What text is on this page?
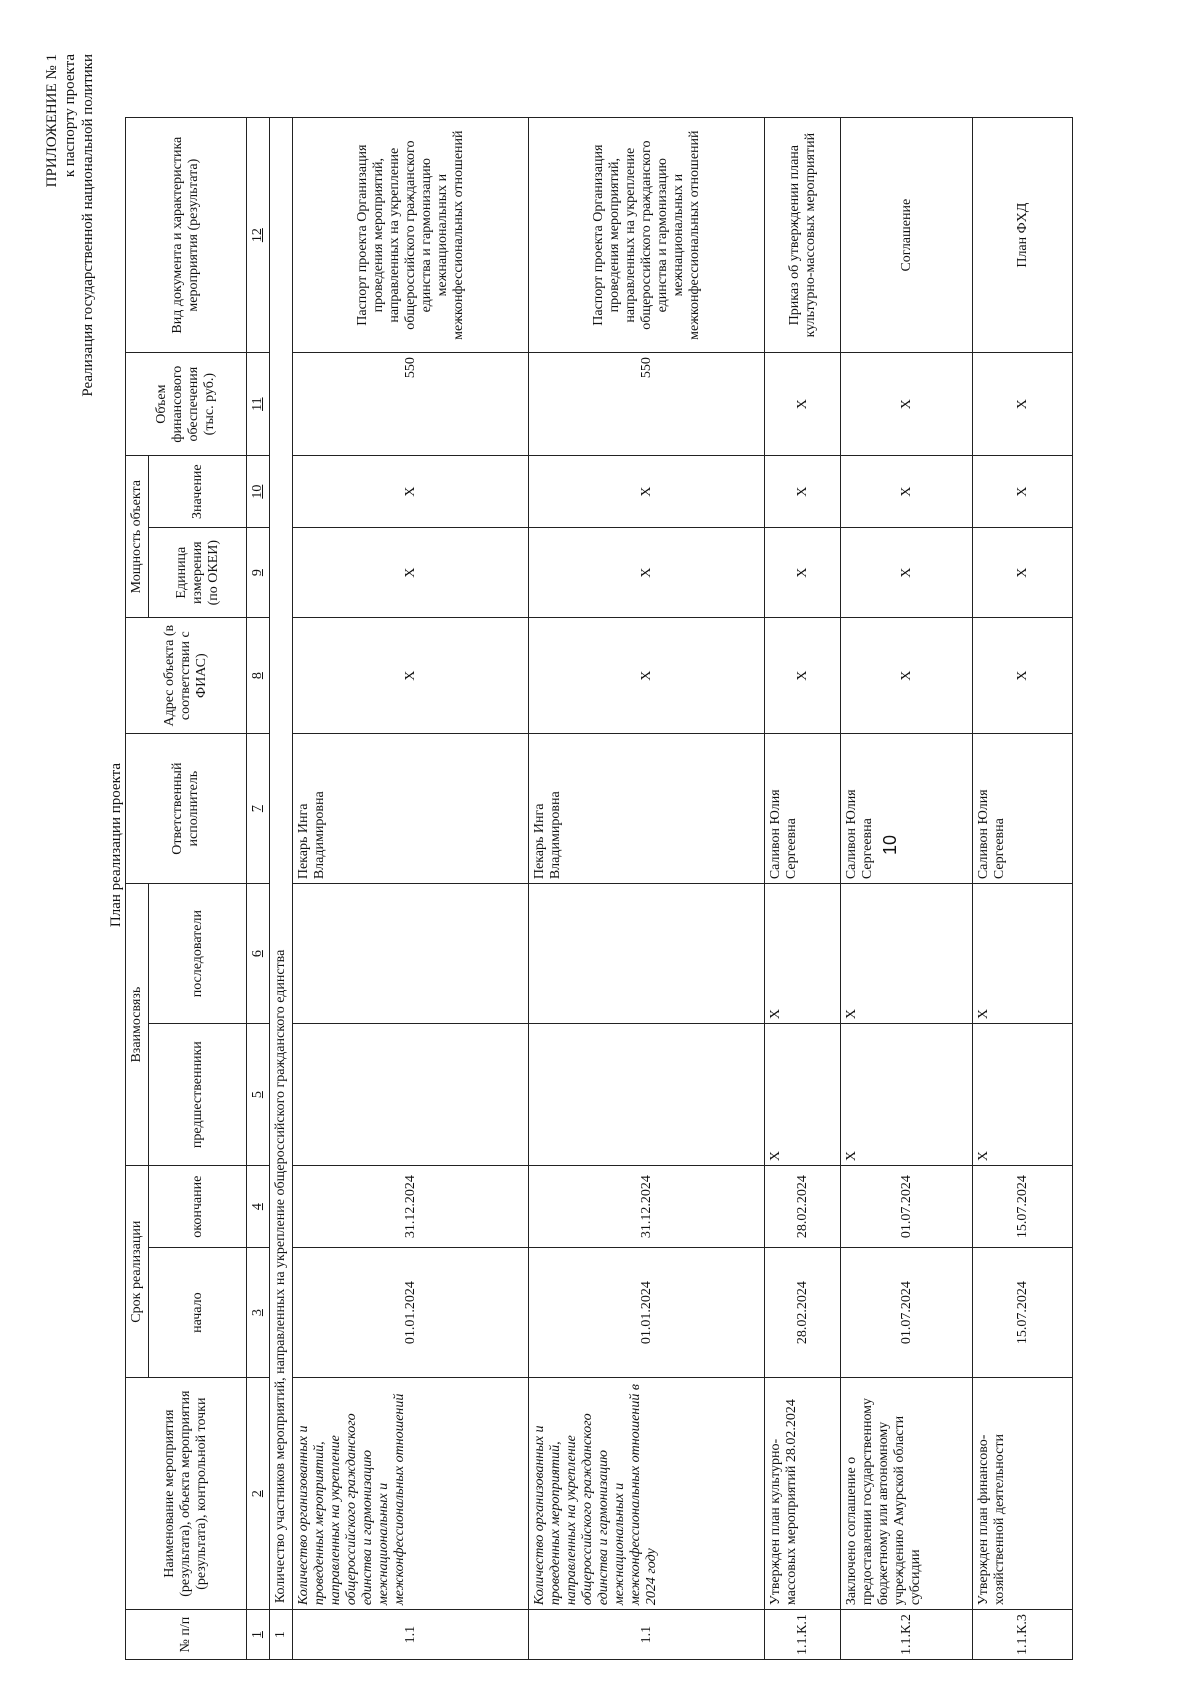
ПРИЛОЖЕНИЕ № 1 к паспорту проекта Реализация государственной национальной политики
План реализации проекта
№ п/п	Наименование мероприятия (результата), объекта мероприятия (результата), контрольной точки	Срок реализации		Взаимосвязь		Ответственный исполнитель	Адрес объекта (в соответствии с ФИАС)	Мощность объекта		Объем финансового обеспечения (тыс. руб.)	Вид документа и характеристика мероприятия (результата)
		начало	окончание	предшественники	последователи			Единица измерения (по ОКЕИ)	Значение		
1	2	3	4	5	6	7	8	9	10	11	12
1	Количество участников мероприятий, направленных на укрепление общероссийского гражданского единства										
1.1	Количество организованных и проведенных мероприятий, направленных на укрепление общероссийского гражданского единства и гармонизацию межнациональных и межконфессиональных отношений	01.01.2024	31.12.2024			Пекарь Инга Владимировна	Х	Х	Х	550	Паспорт проекта Организация проведения мероприятий, направленных на укрепление общероссийского гражданского единства и гармонизацию межнациональных и межконфессиональных отношений
1.1	Количество организованных и проведенных мероприятий, направленных на укрепление общероссийского гражданского единства и гармонизацию межнациональных и межконфессиональных отношений в 2024 году	01.01.2024	31.12.2024			Пекарь Инга Владимировна	Х	Х	Х	550	Паспорт проекта Организация проведения мероприятий, направленных на укрепление общероссийского гражданского единства и гармонизацию межнациональных и межконфессиональных отношений
1.1.К.1	Утвержден план культурно-массовых мероприятий 28.02.2024	28.02.2024	28.02.2024	Х	Х	Саливон Юлия Сергеевна	Х	Х	Х	Х	Приказ об утверждении плана культурно-массовых мероприятий
1.1.К.2	Заключено соглашение о предоставлении государственному бюджетному или автономному учреждению Амурской области субсидии	01.07.2024	01.07.2024	Х	Х	Саливон Юлия Сергеевна	Х	Х	Х	Х	Соглашение
1.1.К.3	Утвержден план финансово-хозяйственной деятельности	15.07.2024	15.07.2024	Х	Х	Саливон Юлия Сергеевна	Х	Х	Х	Х	План ФХД
10
